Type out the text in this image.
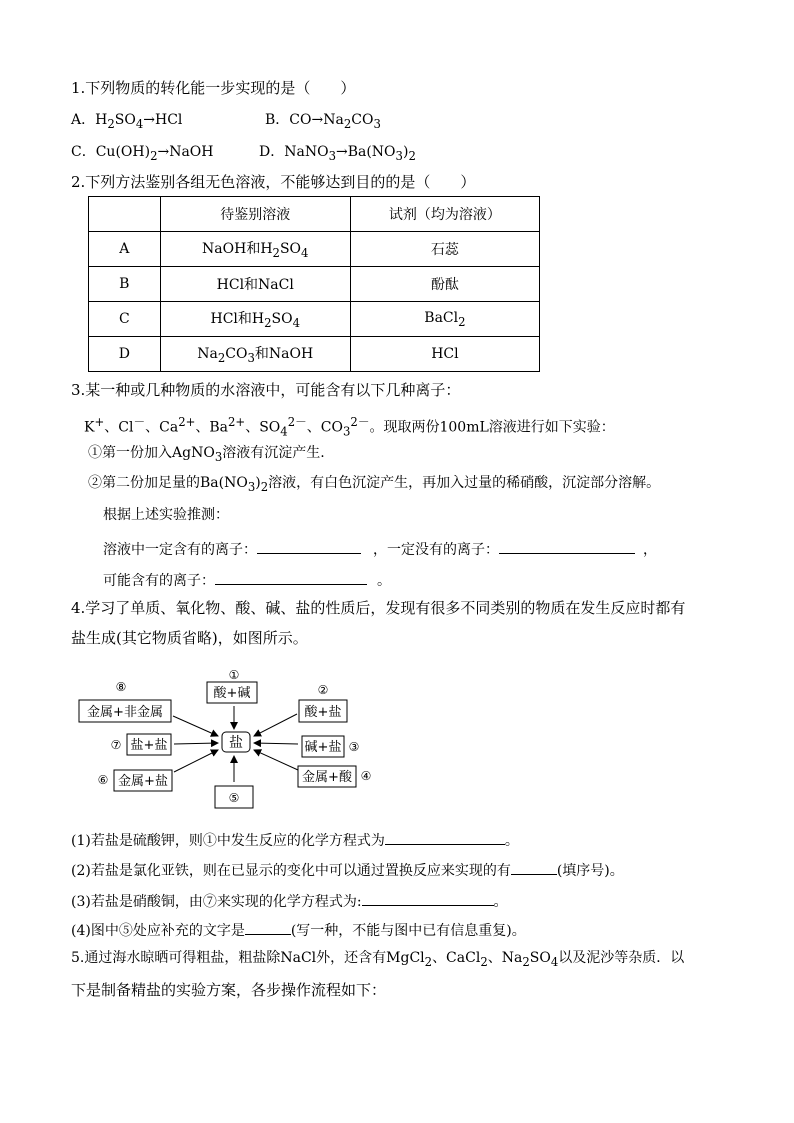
1.下列物质的转化能一步实现的是（　　）
A．$H_2SO_4\to HCl$	B．$CO\to Na_2CO_3$
C．$Cu(OH)_2\to NaOH$	D．$NaNO_3\to Ba(NO_3)_2$
2.下列方法鉴别各组无色溶液，不能够达到目的的是（　　）
	待鉴别溶液	试剂（均为溶液）
A	NaOH和$H_2SO_4$	石蕊
B	HCl和NaCl	酚酞
C	HCl和$H_2SO_4$	BaCl$_2$
D	$Na_2CO_3$和NaOH	HCl
3.某一种或几种物质的水溶液中，可能含有以下几种离子：
K+、Cl－、$Ca^{2+}$、$Ba^{2+}$、$SO_4^{2-}$、$CO_3^{2-}$。现取两份100mL溶液进行如下实验：
①第一份加入AgNO$_3$溶液有沉淀产生.
②第二份加足量的$Ba(NO_3)_2$溶液，有白色沉淀产生，再加入过量的稀硝酸，沉淀部分溶解。
根据上述实验推测：
溶液中一定含有的离子：	，一定没有的离子：	，
可能含有的离子：	。
4.学习了单质、氧化物、酸、碱、盐的性质后，发现有很多不同类别的物质在发生反应时都有
盐生成(其它物质省略)，如图所示。
盐
①
酸+碱	②
酸+盐
碱+盐 ③
金属+酸 ④
⑤
⑥ 金属+盐
⑦ 盐+盐
⑧
金属+非金属
(1)若盐是硫酸钾，则①中发生反应的化学方程式为	。
(2)若盐是氯化亚铁，则在已显示的变化中可以通过置换反应来实现的有	(填序号)。
(3)若盐是硝酸铜，由⑦来实现的化学方程式为:	。
(4)图中⑤处应补充的文字是	(写一种，不能与图中已有信息重复)。
5.通过海水晾晒可得粗盐，粗盐除NaCl外，还含有MgCl$_2$、CaCl$_2$、$Na_2SO_4$以及泥沙等杂质．以
下是制备精盐的实验方案，各步操作流程如下：
